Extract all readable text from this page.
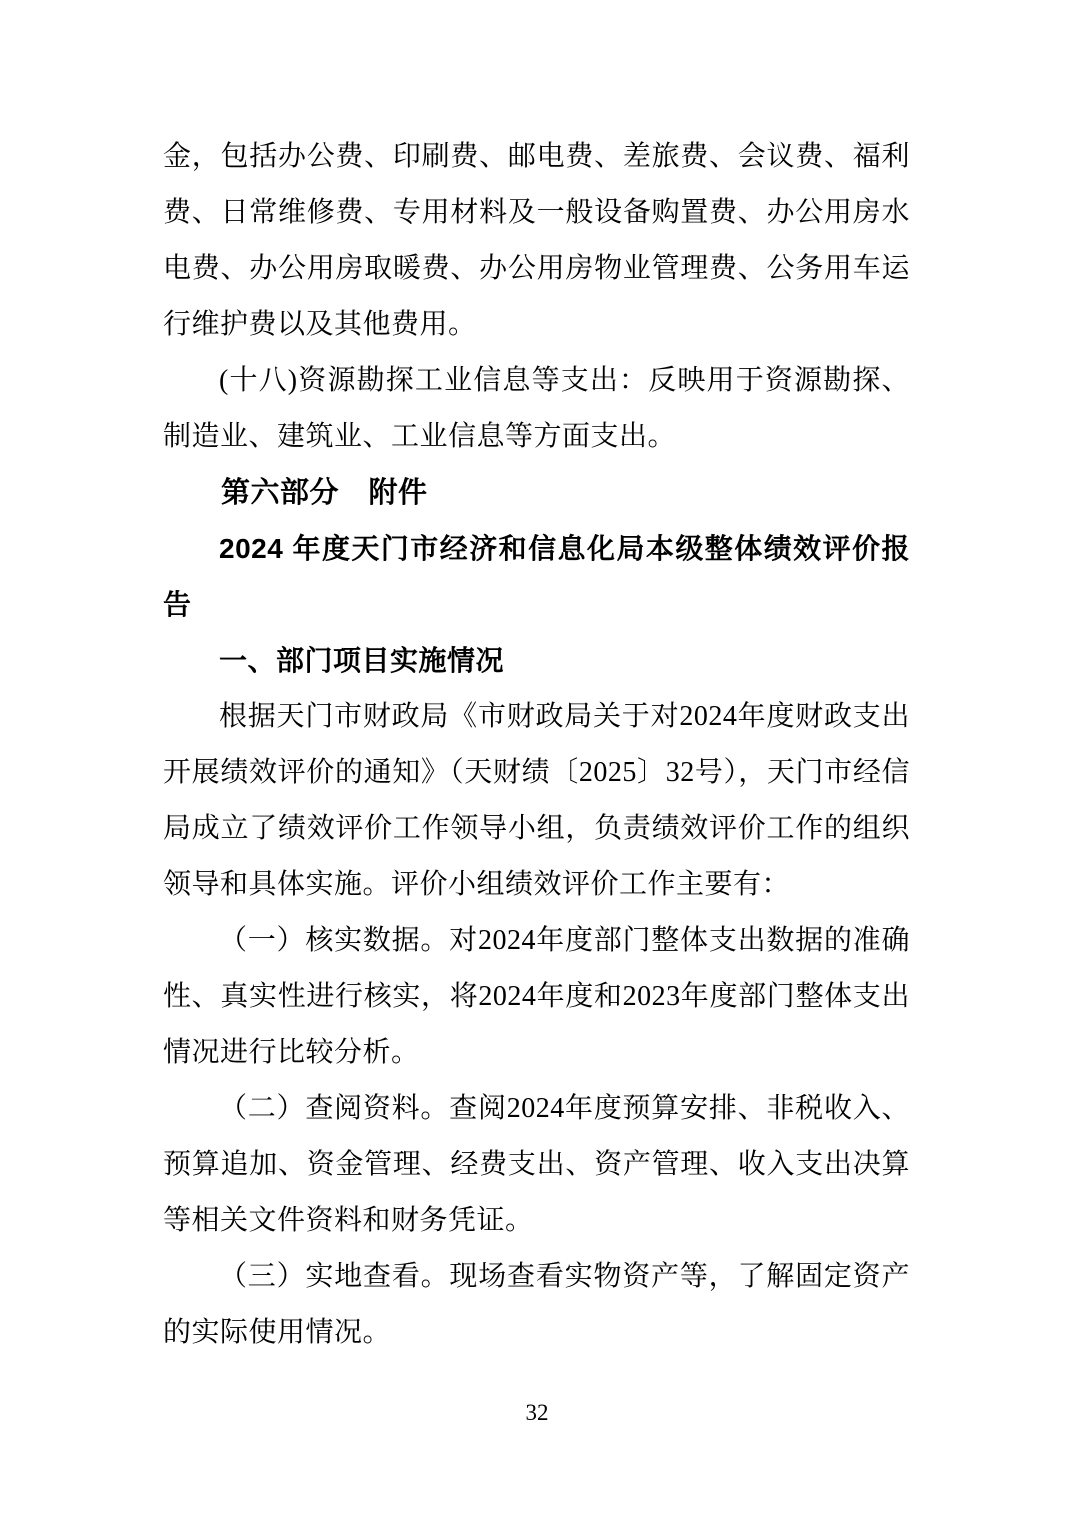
金，包括办公费、印刷费、邮电费、差旅费、会议费、福利费、日常维修费、专用材料及一般设备购置费、办公用房水电费、办公用房取暖费、办公用房物业管理费、公务用车运行维护费以及其他费用。

(十八)资源勘探工业信息等支出：反映用于资源勘探、制造业、建筑业、工业信息等方面支出。

第六部分　附件

2024 年度天门市经济和信息化局本级整体绩效评价报告

一、部门项目实施情况

根据天门市财政局《市财政局关于对2024年度财政支出开展绩效评价的通知》（天财绩〔2025〕32号），天门市经信局成立了绩效评价工作领导小组，负责绩效评价工作的组织领导和具体实施。评价小组绩效评价工作主要有：

（一）核实数据。对2024年度部门整体支出数据的准确性、真实性进行核实，将2024年度和2023年度部门整体支出情况进行比较分析。

（二）查阅资料。查阅2024年度预算安排、非税收入、预算追加、资金管理、经费支出、资产管理、收入支出决算等相关文件资料和财务凭证。

（三）实地查看。现场查看实物资产等，了解固定资产的实际使用情况。

32
